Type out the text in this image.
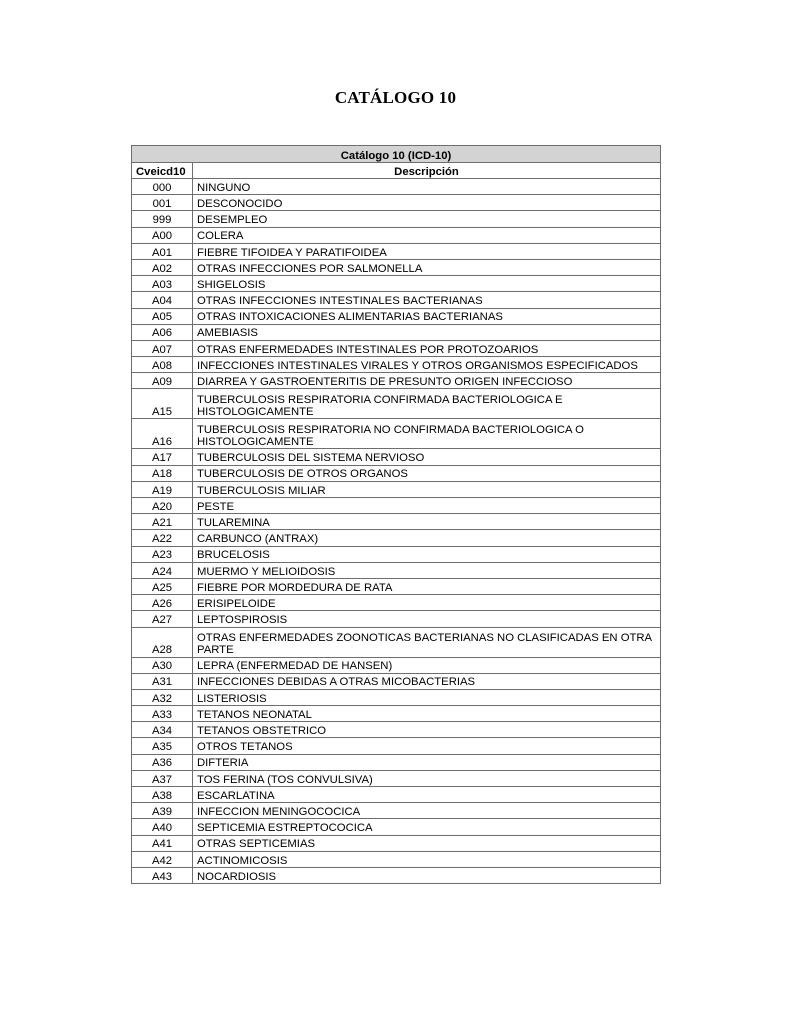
CATÁLOGO 10
Catálogo 10 (ICD-10)	
Cveicd10	Descripción
000	NINGUNO
001	DESCONOCIDO
999	DESEMPLEO
A00	COLERA
A01	FIEBRE TIFOIDEA Y PARATIFOIDEA
A02	OTRAS INFECCIONES POR SALMONELLA
A03	SHIGELOSIS
A04	OTRAS INFECCIONES INTESTINALES BACTERIANAS
A05	OTRAS INTOXICACIONES ALIMENTARIAS BACTERIANAS
A06	AMEBIASIS
A07	OTRAS ENFERMEDADES INTESTINALES POR PROTOZOARIOS
A08	INFECCIONES INTESTINALES VIRALES Y OTROS ORGANISMOS ESPECIFICADOS
A09	DIARREA Y GASTROENTERITIS DE PRESUNTO ORIGEN INFECCIOSO
A15	TUBERCULOSIS RESPIRATORIA CONFIRMADA BACTERIOLOGICA E HISTOLOGICAMENTE
A16	TUBERCULOSIS RESPIRATORIA NO CONFIRMADA BACTERIOLOGICA O HISTOLOGICAMENTE
A17	TUBERCULOSIS DEL SISTEMA NERVIOSO
A18	TUBERCULOSIS DE OTROS ORGANOS
A19	TUBERCULOSIS MILIAR
A20	PESTE
A21	TULAREMINA
A22	CARBUNCO (ANTRAX)
A23	BRUCELOSIS
A24	MUERMO Y MELIOIDOSIS
A25	FIEBRE POR MORDEDURA DE RATA
A26	ERISIPELOIDE
A27	LEPTOSPIROSIS
A28	OTRAS ENFERMEDADES ZOONOTICAS BACTERIANAS NO CLASIFICADAS EN OTRA PARTE
A30	LEPRA (ENFERMEDAD DE HANSEN)
A31	INFECCIONES DEBIDAS A OTRAS MICOBACTERIAS
A32	LISTERIOSIS
A33	TETANOS NEONATAL
A34	TETANOS OBSTETRICO
A35	OTROS TETANOS
A36	DIFTERIA
A37	TOS FERINA (TOS CONVULSIVA)
A38	ESCARLATINA
A39	INFECCION MENINGOCOCICA
A40	SEPTICEMIA ESTREPTOCOCICA
A41	OTRAS SEPTICEMIAS
A42	ACTINOMICOSIS
A43	NOCARDIOSIS
